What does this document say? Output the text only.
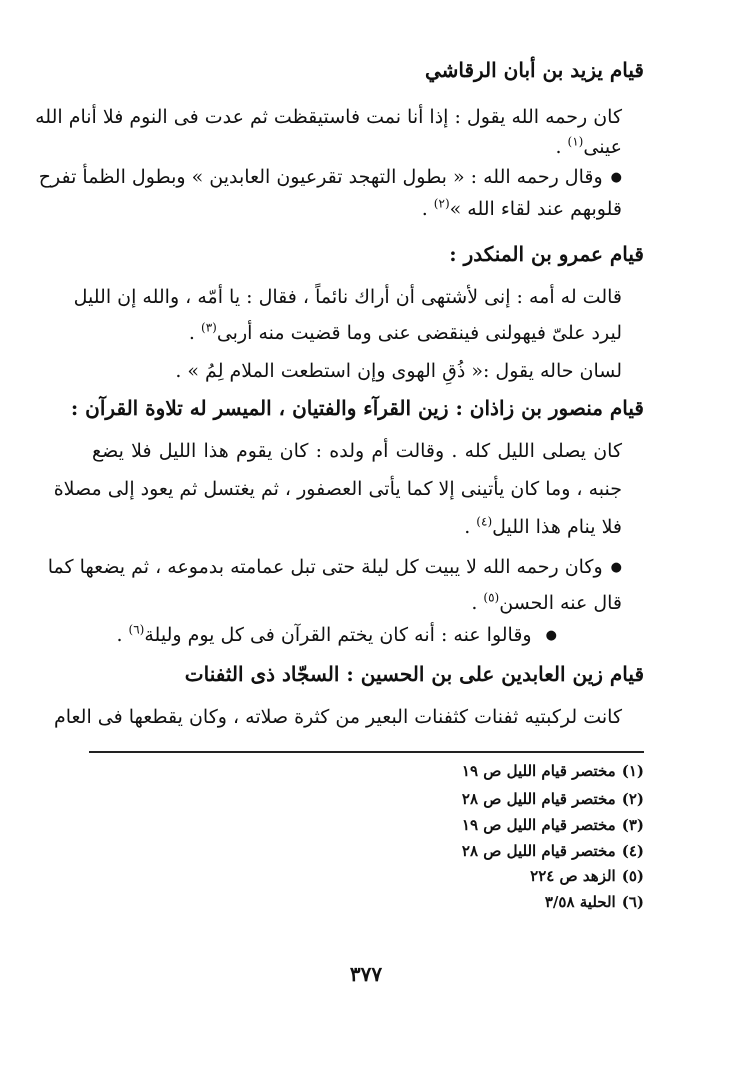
قيام يزيد بن أبان الرقاشي
كان رحمه الله يقول : إذا أنا نمت فاستيقظت ثم عدت فى النوم فلا أنام الله
عينى$^{(١)}$ .
● وقال رحمه الله : « بطول التهجد تقرعيون العابدين » وبطول الظمأ تفرح
قلوبهم عند لقاء الله »$^{(٢)}$ .
قيام عمرو بن المنكدر :
قالت له أمه : إنى لأشتهى أن أراك نائماً ، فقال : يا أمّه ، والله إن الليل
ليرد علىّ فيهولنى فينقضى عنى وما قضيت منه أربى$^{(٣)}$ .
لسان حاله يقول :« ذُقِ الهوى وإن استطعت الملام لِمُ » .
قيام منصور بن زاذان : زين القرآء والفتيان ، الميسر له تلاوة القرآن :
كان يصلى الليل كله . وقالت أم ولده : كان يقوم هذا الليل فلا يضع
جنبه ، وما كان يأتينى إلا كما يأتى العصفور ، ثم يغتسل ثم يعود إلى مصلاة
فلا ينام هذا الليل$^{(٤)}$ .
● وكان رحمه الله لا يبيت كل ليلة حتى تبل عمامته بدموعه ، ثم يضعها كما
قال عنه الحسن$^{(٥)}$ .
● وقالوا عنه : أنه كان يختم القرآن فى كل يوم وليلة$^{(٦)}$ .
قيام زين العابدين على بن الحسين : السجّاد ذى الثفنات
كانت لركبتيه ثفنات كثفنات البعير من كثرة صلاته ، وكان يقطعها فى العام
(١)مختصر قيام الليل ص ١٩
(٢)مختصر قيام الليل ص ٢٨
(٣)مختصر قيام الليل ص ١٩
(٤)مختصر قيام الليل ص ٢٨
(٥)الزهد ص ٢٢٤
(٦)الحلية ٣/٥٨
٣٧٧
